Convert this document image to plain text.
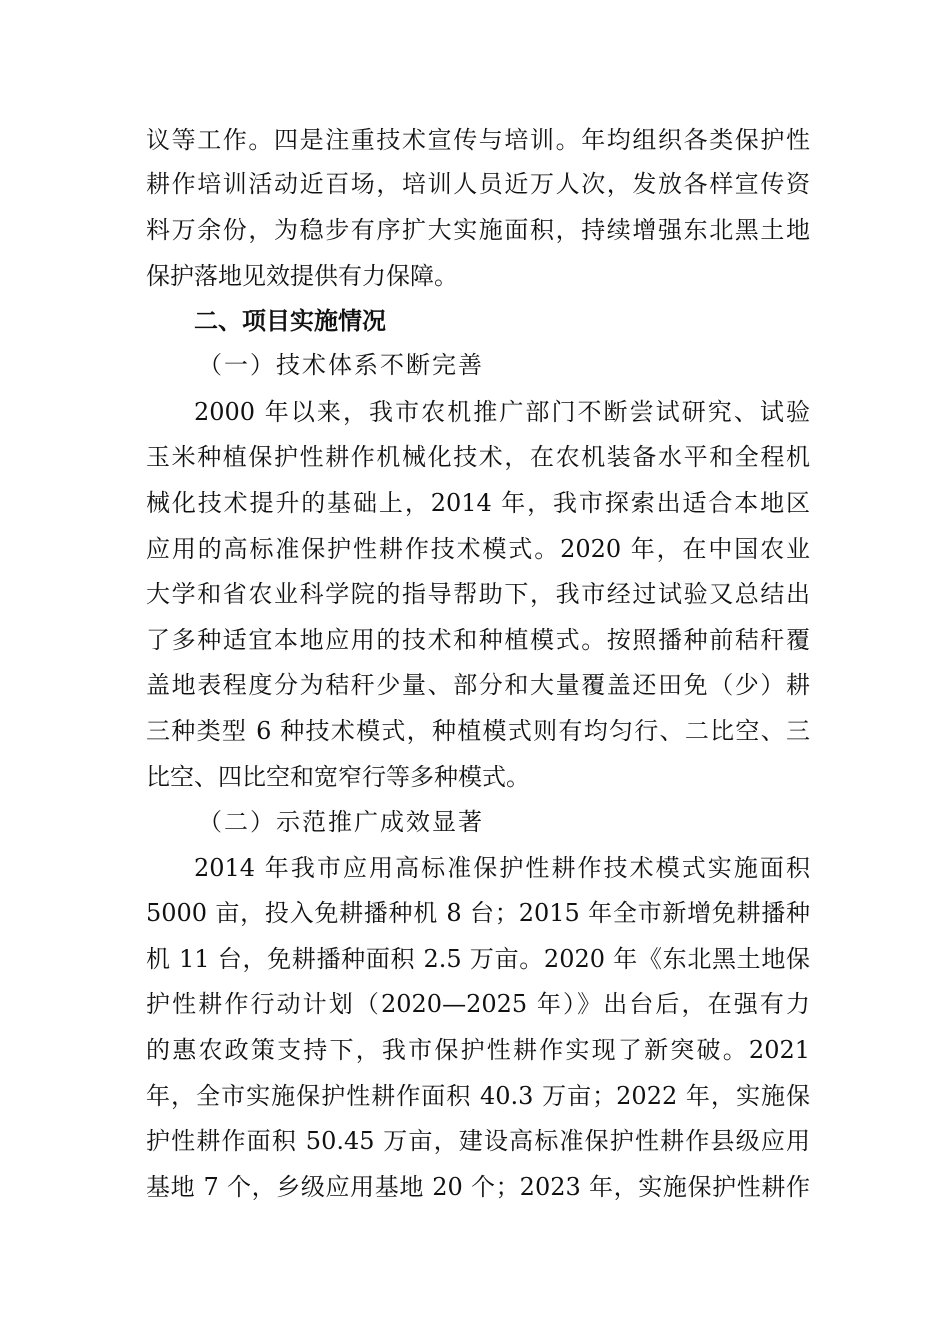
议等工作。四是注重技术宣传与培训。年均组织各类保护性
耕作培训活动近百场，培训人员近万人次，发放各样宣传资
料万余份，为稳步有序扩大实施面积，持续增强东北黑土地
保护落地见效提供有力保障。
二、项目实施情况
（一）技术体系不断完善
2000 年以来，我市农机推广部门不断尝试研究、试验
玉米种植保护性耕作机械化技术，在农机装备水平和全程机
械化技术提升的基础上，2014 年，我市探索出适合本地区
应用的高标准保护性耕作技术模式。2020 年，在中国农业
大学和省农业科学院的指导帮助下，我市经过试验又总结出
了多种适宜本地应用的技术和种植模式。按照播种前秸秆覆
盖地表程度分为秸秆少量、部分和大量覆盖还田免（少）耕
三种类型 6 种技术模式，种植模式则有均匀行、二比空、三
比空、四比空和宽窄行等多种模式。
（二）示范推广成效显著
2014 年我市应用高标准保护性耕作技术模式实施面积
5000 亩，投入免耕播种机 8 台；2015 年全市新增免耕播种
机 11 台，免耕播种面积 2.5 万亩。2020 年《东北黑土地保
护性耕作行动计划（2020—2025 年）》出台后，在强有力
的惠农政策支持下，我市保护性耕作实现了新突破。2021
年，全市实施保护性耕作面积 40.3 万亩；2022 年，实施保
护性耕作面积 50.45 万亩，建设高标准保护性耕作县级应用
基地 7 个，乡级应用基地 20 个；2023 年，实施保护性耕作
